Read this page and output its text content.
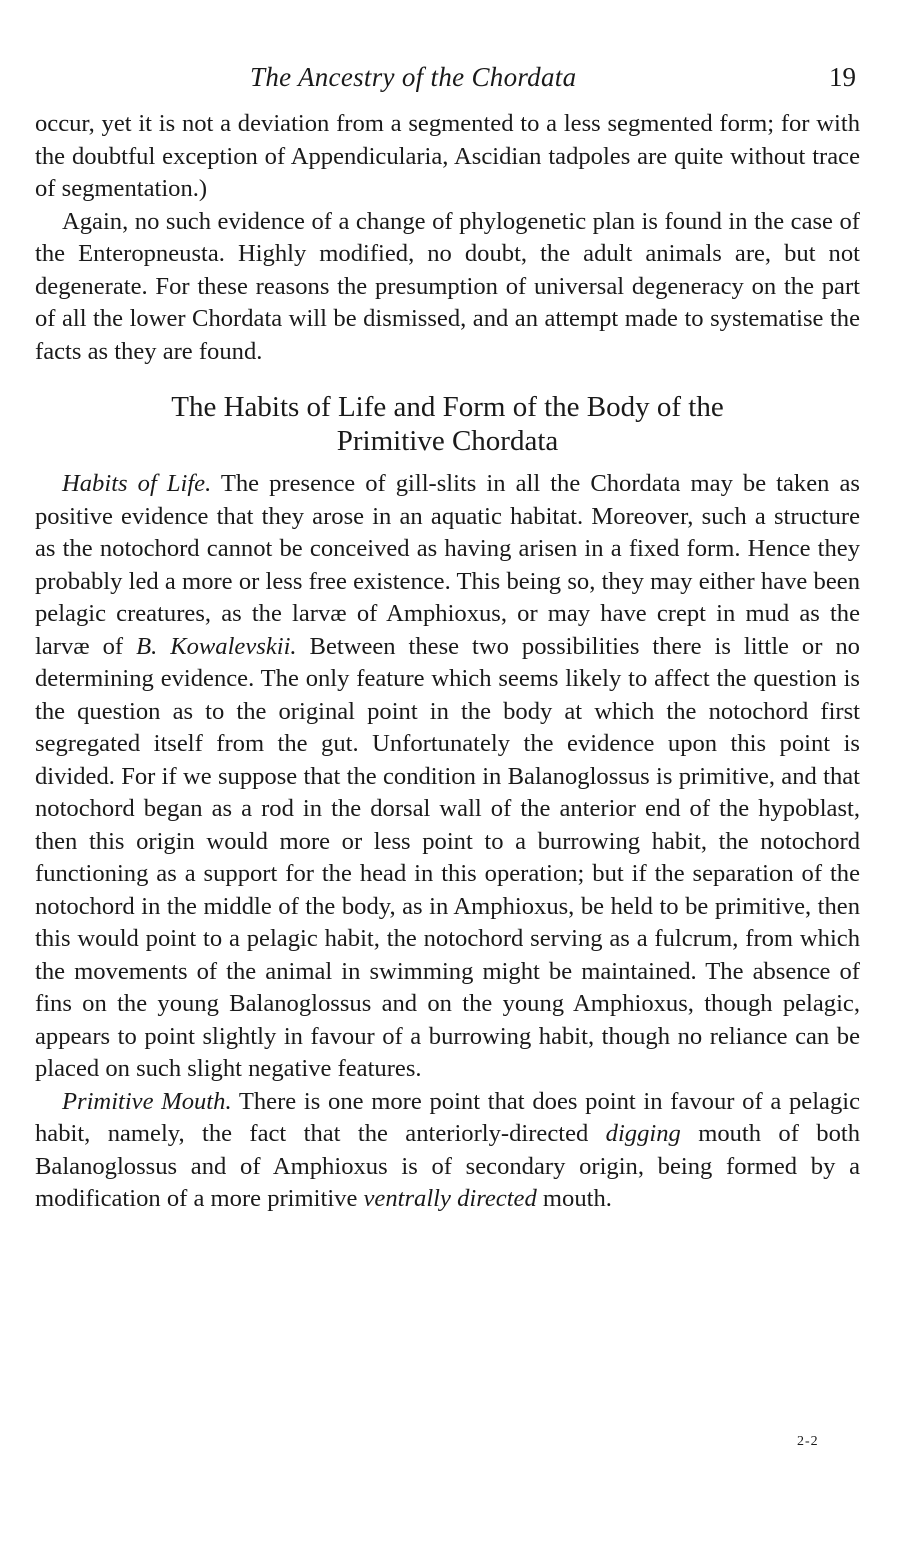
The Ancestry of the Chordata	19

occur, yet it is not a deviation from a segmented to a less segmented form; for with the doubtful exception of Appendicularia, Ascidian tadpoles are quite without trace of segmentation.)

Again, no such evidence of a change of phylogenetic plan is found in the case of the Enteropneusta. Highly modified, no doubt, the adult animals are, but not degenerate. For these reasons the presumption of universal degeneracy on the part of all the lower Chordata will be dismissed, and an attempt made to systematise the facts as they are found.

The Habits of Life and Form of the Body of the
Primitive Chordata

Habits of Life. The presence of gill-slits in all the Chordata may be taken as positive evidence that they arose in an aquatic habitat. Moreover, such a structure as the notochord cannot be conceived as having arisen in a fixed form. Hence they probably led a more or less free existence. This being so, they may either have been pelagic creatures, as the larvæ of Amphioxus, or may have crept in mud as the larvæ of B. Kowalevskii. Between these two possibilities there is little or no determining evidence. The only feature which seems likely to affect the question is the question as to the original point in the body at which the notochord first segregated itself from the gut. Unfortunately the evidence upon this point is divided. For if we suppose that the condition in Balanoglossus is primitive, and that notochord began as a rod in the dorsal wall of the anterior end of the hypoblast, then this origin would more or less point to a burrowing habit, the notochord functioning as a support for the head in this operation; but if the separation of the notochord in the middle of the body, as in Amphioxus, be held to be primitive, then this would point to a pelagic habit, the notochord serving as a fulcrum, from which the movements of the animal in swimming might be maintained. The absence of fins on the young Balanoglossus and on the young Amphioxus, though pelagic, appears to point slightly in favour of a burrowing habit, though no reliance can be placed on such slight negative features.

Primitive Mouth. There is one more point that does point in favour of a pelagic habit, namely, the fact that the anteriorly-directed digging mouth of both Balanoglossus and of Amphioxus is of secondary origin, being formed by a modification of a more primitive ventrally directed mouth.

2-2
